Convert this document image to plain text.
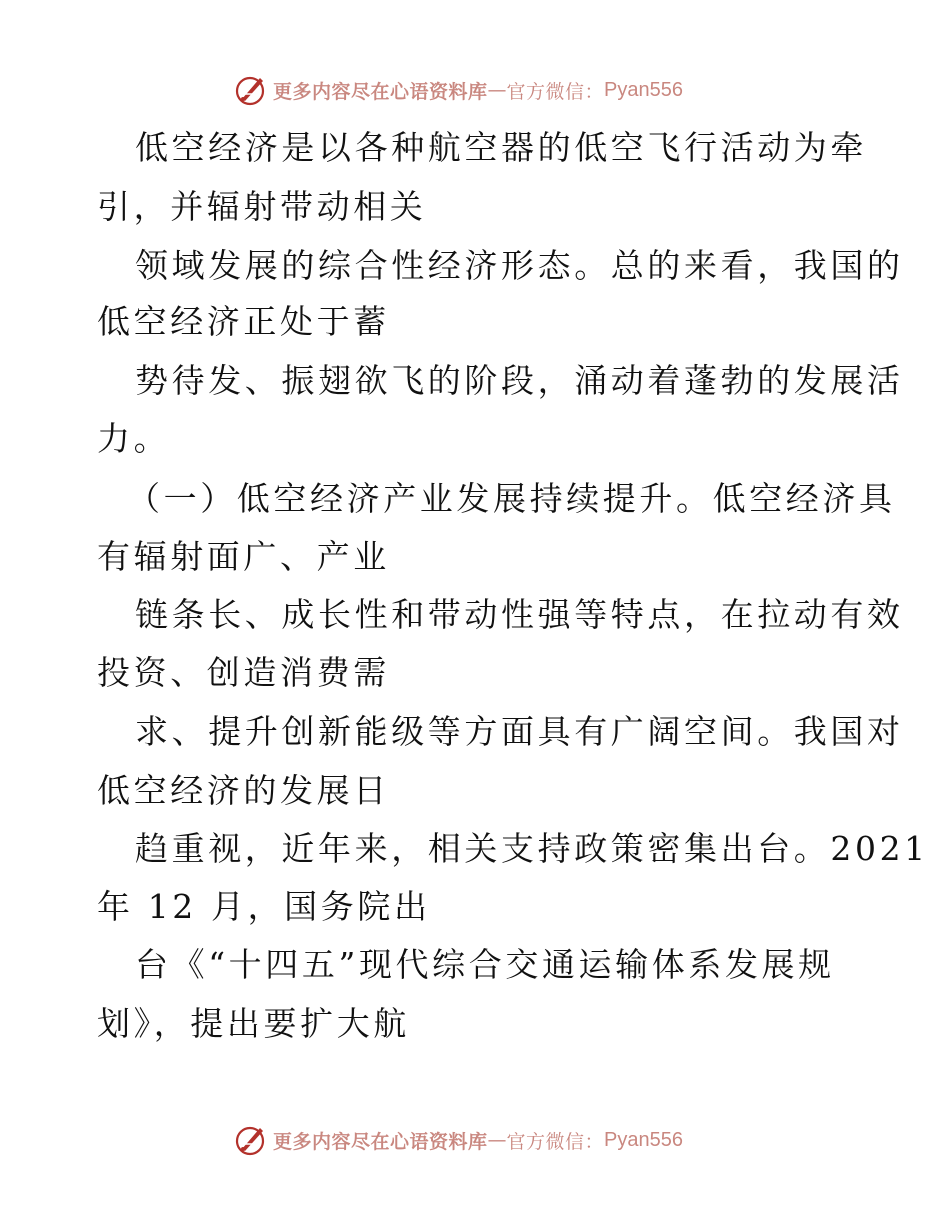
更多内容尽在心语资料库 — 官方微信： Pyan556
低空经济是以各种航空器的低空飞行活动为牵
引，并辐射带动相关
领域发展的综合性经济形态。总的来看，我国的
低空经济正处于蓄
势待发、振翅欲飞的阶段，涌动着蓬勃的发展活
力。
（一）低空经济产业发展持续提升。低空经济具
有辐射面广、产业
链条长、成长性和带动性强等特点，在拉动有效
投资、创造消费需
求、提升创新能级等方面具有广阔空间。我国对
低空经济的发展日
趋重视，近年来，相关支持政策密集出台。2021
年 12 月，国务院出
台《“十四五”现代综合交通运输体系发展规
划》，提出要扩大航
更多内容尽在心语资料库 — 官方微信： Pyan556
